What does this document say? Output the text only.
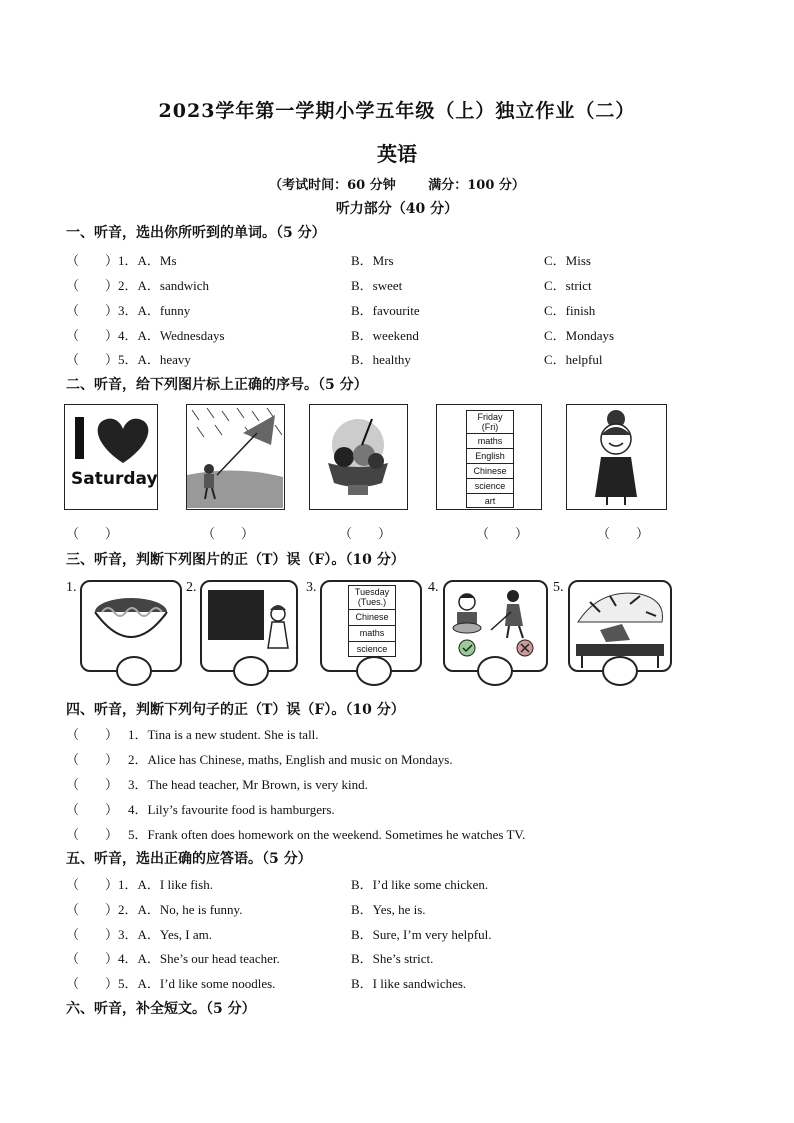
2023学年第一学期小学五年级（上）独立作业（二）
英语
（考试时间：60 分钟	满分：100 分）
听力部分（40 分）
一、听音，选出你所听到的单词。（5 分）
（　　）1．A．Ms	B．Mrs	C．Miss
（　　）2．A．sandwich	B．sweet	C．strict
（　　）3．A．funny	B．favourite	C．finish
（　　）4．A．Wednesdays	B．weekend	C．Mondays
（　　）5．A．heavy	B．healthy	C．helpful
二、听音，给下列图片标上正确的序号。（5 分）
Saturday
Friday
(Fri)
maths
English
Chinese
science
art
（　　）	（　　）	（　　）	（　　）	（　　）
三、听音，判断下列图片的正（T）误（F）。（10 分）
1.	2.	3.	Tuesday
(Tues.)
Chinese
maths
science
4.	5.
四、听音，判断下列句子的正（T）误（F）。（10 分）
（　　） 1．Tina is a new student. She is tall.
（　　） 2．Alice has Chinese, maths, English and music on Mondays.
（　　） 3．The head teacher, Mr Brown, is very kind.
（　　） 4．Lily’s favourite food is hamburgers.
（　　） 5．Frank often does homework on the weekend. Sometimes he watches TV.
五、听音，选出正确的应答语。（5 分）
（　　）1．A．I like fish.	B．I’d like some chicken.
（　　）2．A．No, he is funny.	B．Yes, he is.
（　　）3．A．Yes, I am.	B．Sure, I’m very helpful.
（　　）4．A．She’s our head teacher.	B．She’s strict.
（　　）5．A．I’d like some noodles.	B．I like sandwiches.
六、听音，补全短文。（5 分）
